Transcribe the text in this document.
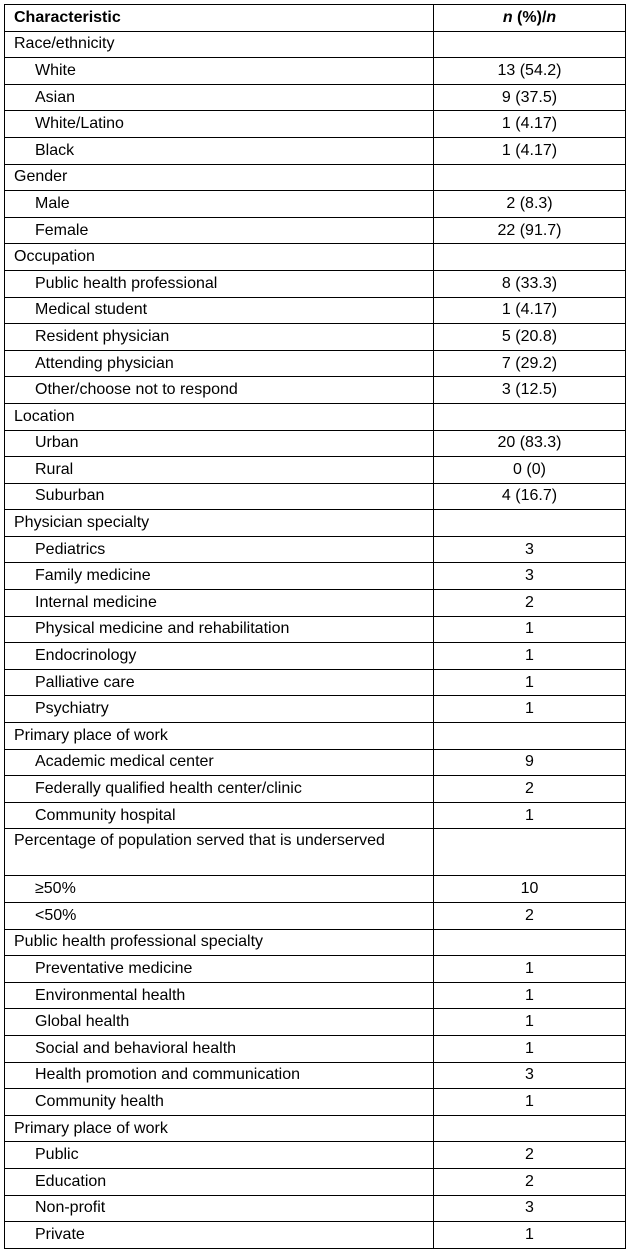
Characteristic	n (%)/n
Race/ethnicity	
White	13 (54.2)
Asian	9 (37.5)
White/Latino	1 (4.17)
Black	1 (4.17)
Gender	
Male	2 (8.3)
Female	22 (91.7)
Occupation	
Public health professional	8 (33.3)
Medical student	1 (4.17)
Resident physician	5 (20.8)
Attending physician	7 (29.2)
Other/choose not to respond	3 (12.5)
Location	
Urban	20 (83.3)
Rural	0 (0)
Suburban	4 (16.7)
Physician specialty	
Pediatrics	3
Family medicine	3
Internal medicine	2
Physical medicine and rehabilitation	1
Endocrinology	1
Palliative care	1
Psychiatry	1
Primary place of work	
Academic medical center	9
Federally qualified health center/clinic	2
Community hospital	1
Percentage of population served that is underserved	
≥50%	10
<50%	2
Public health professional specialty	
Preventative medicine	1
Environmental health	1
Global health	1
Social and behavioral health	1
Health promotion and communication	3
Community health	1
Primary place of work	
Public	2
Education	2
Non-profit	3
Private	1
